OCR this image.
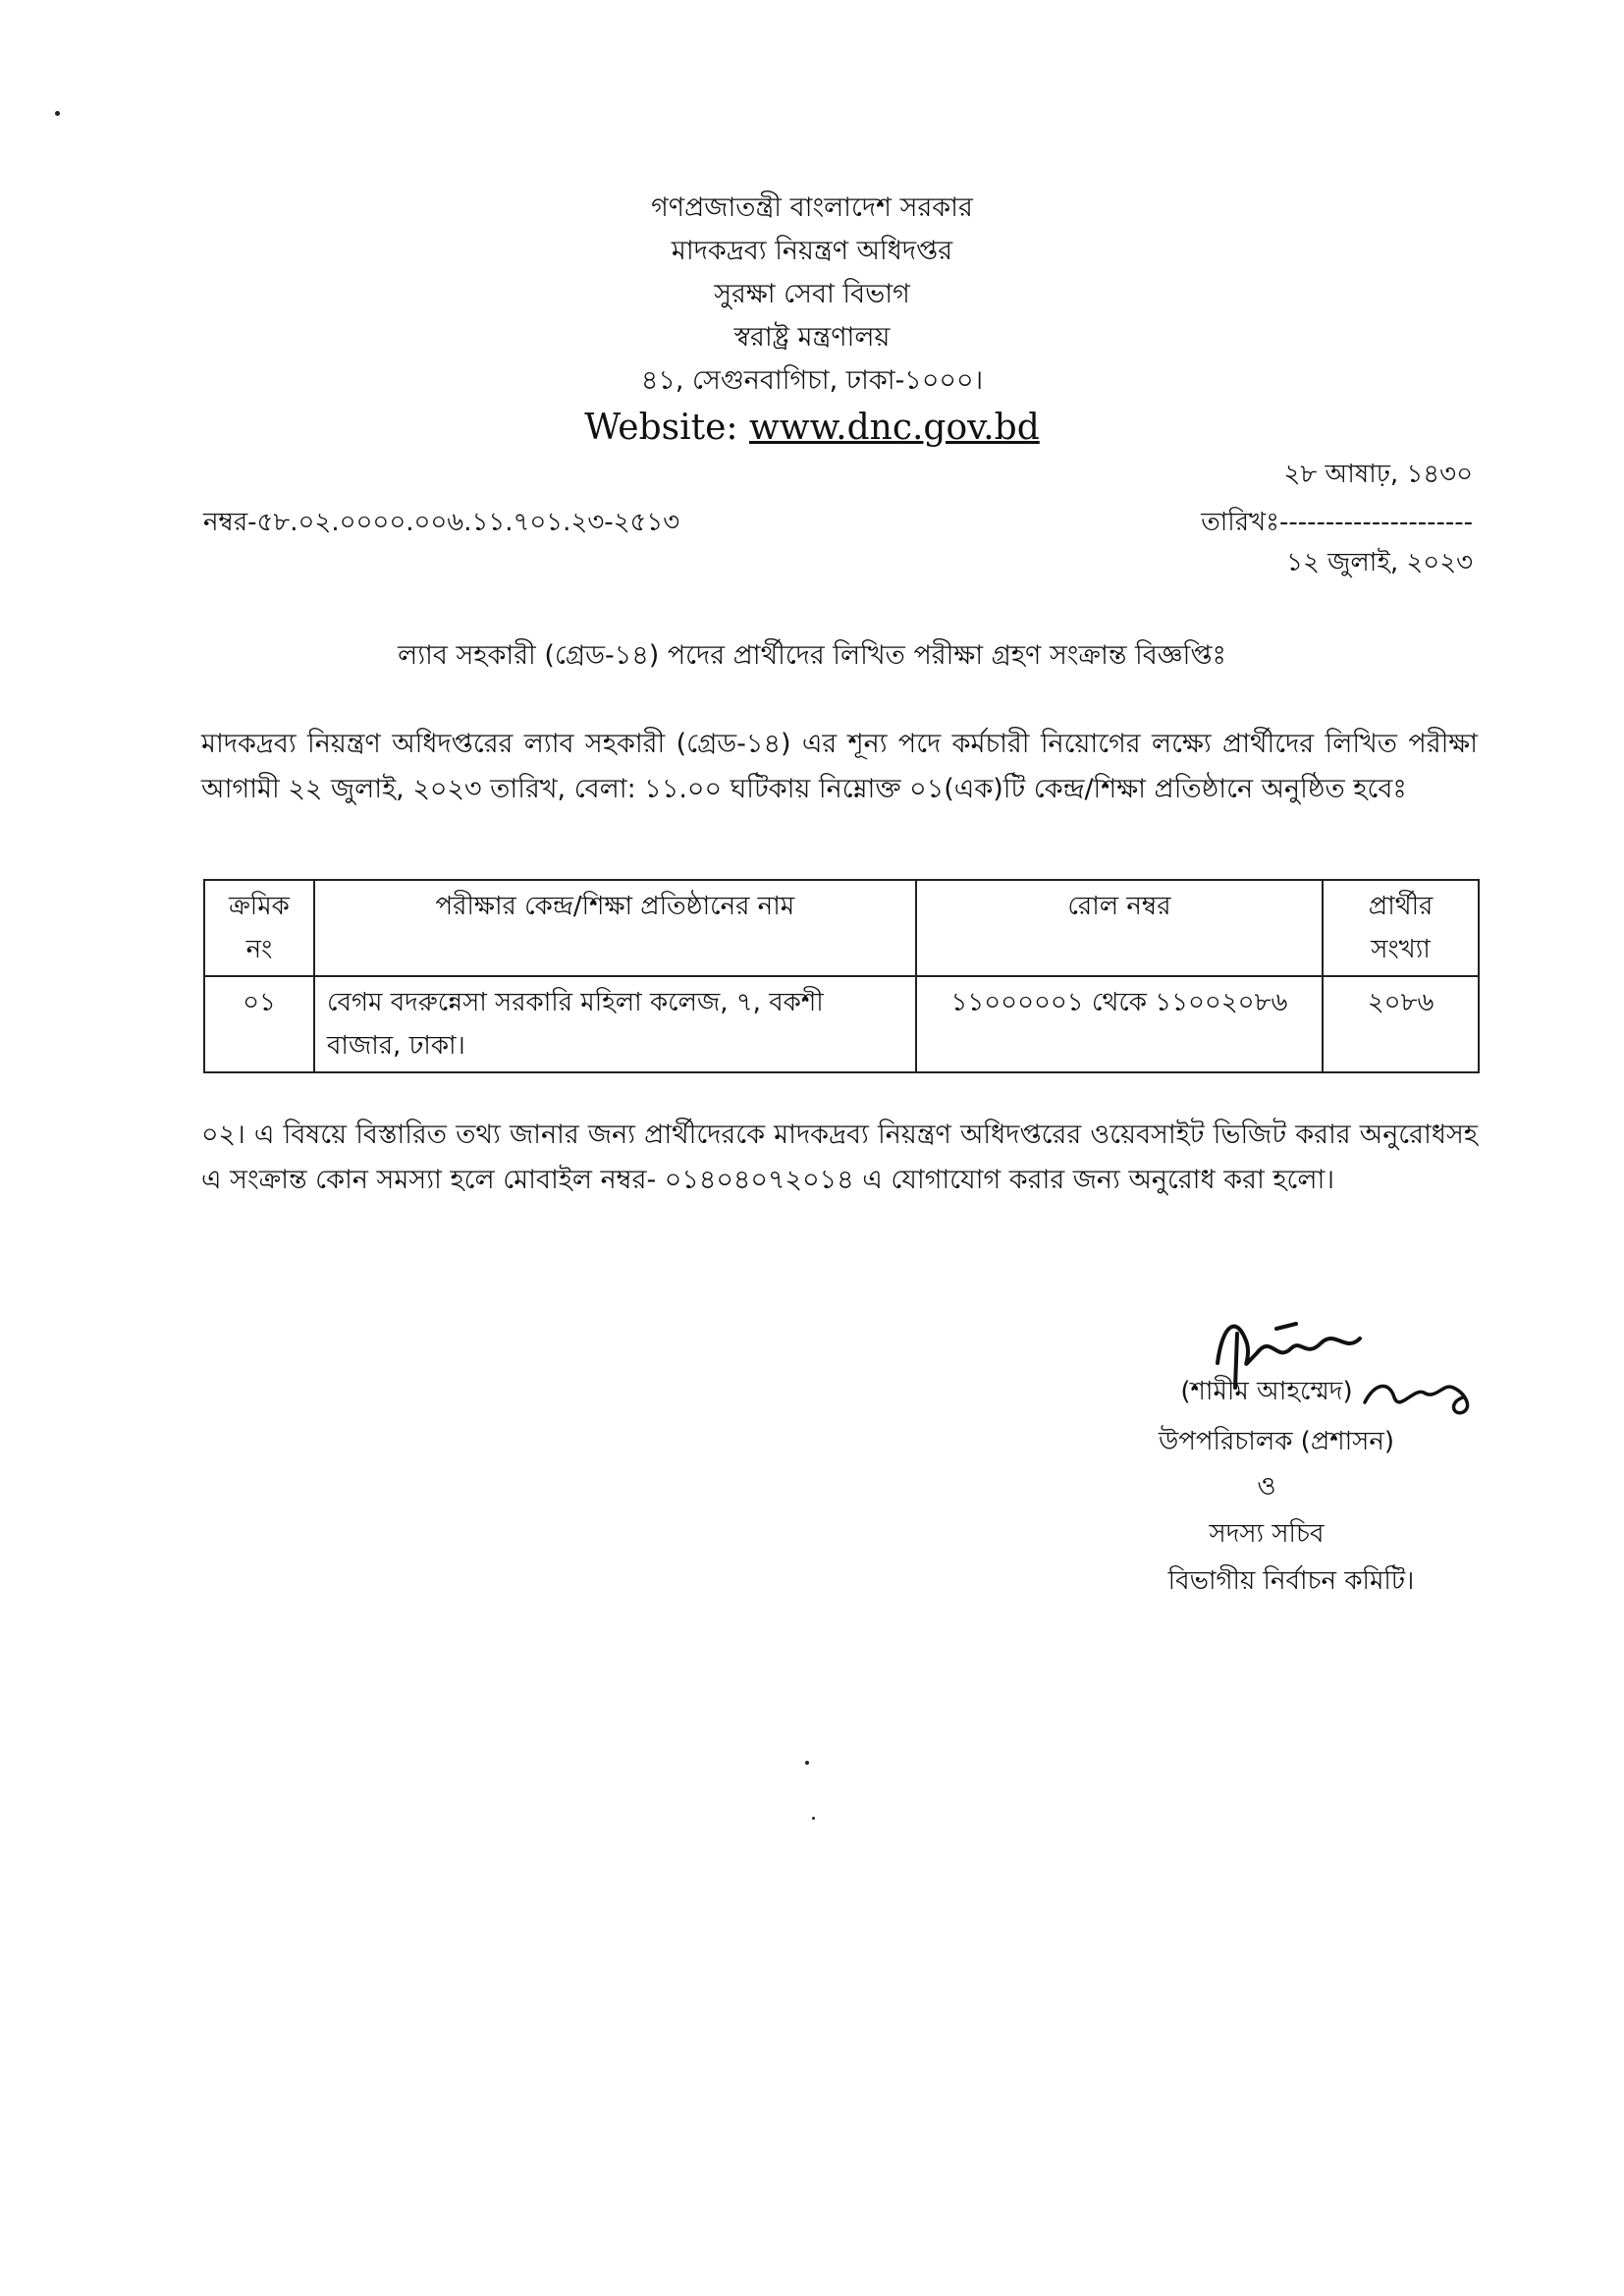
গণপ্রজাতন্ত্রী বাংলাদেশ সরকার
মাদকদ্রব্য নিয়ন্ত্রণ অধিদপ্তর
সুরক্ষা সেবা বিভাগ
স্বরাষ্ট্র মন্ত্রণালয়
৪১, সেগুনবাগিচা, ঢাকা-১০০০।
Website: www.dnc.gov.bd
২৮ আষাঢ়, ১৪৩০
নম্বর-৫৮.০২.০০০০.০০৬.১১.৭০১.২৩-২৫১৩	তারিখঃ---------------------
১২ জুলাই, ২০২৩
ল্যাব সহকারী (গ্রেড-১৪) পদের প্রার্থীদের লিখিত পরীক্ষা গ্রহণ সংক্রান্ত বিজ্ঞপ্তিঃ
মাদকদ্রব্য নিয়ন্ত্রণ অধিদপ্তরের ল্যাব সহকারী (গ্রেড-১৪) এর শূন্য পদে কর্মচারী নিয়োগের লক্ষ্যে প্রার্থীদের লিখিত পরীক্ষা আগামী ২২ জুলাই, ২০২৩ তারিখ, বেলা: ১১.০০ ঘটিকায় নিম্নোক্ত ০১(এক)টি কেন্দ্র/শিক্ষা প্রতিষ্ঠানে অনুষ্ঠিত হবেঃ
ক্রমিক নং	পরীক্ষার কেন্দ্র/শিক্ষা প্রতিষ্ঠানের নাম	রোল নম্বর	প্রার্থীর সংখ্যা
০১	বেগম বদরুন্নেসা সরকারি মহিলা কলেজ, ৭, বকশী বাজার, ঢাকা।	১১০০০০০১ থেকে ১১০০২০৮৬	২০৮৬
০২। এ বিষয়ে বিস্তারিত তথ্য জানার জন্য প্রার্থীদেরকে মাদকদ্রব্য নিয়ন্ত্রণ অধিদপ্তরের ওয়েবসাইট ভিজিট করার অনুরোধসহ এ সংক্রান্ত কোন সমস্যা হলে মোবাইল নম্বর- ০১৪০৪০৭২০১৪ এ যোগাযোগ করার জন্য অনুরোধ করা হলো।
(শামীম আহম্মেদ)
উপপরিচালক (প্রশাসন)
ও
সদস্য সচিব
বিভাগীয় নির্বাচন কমিটি।
